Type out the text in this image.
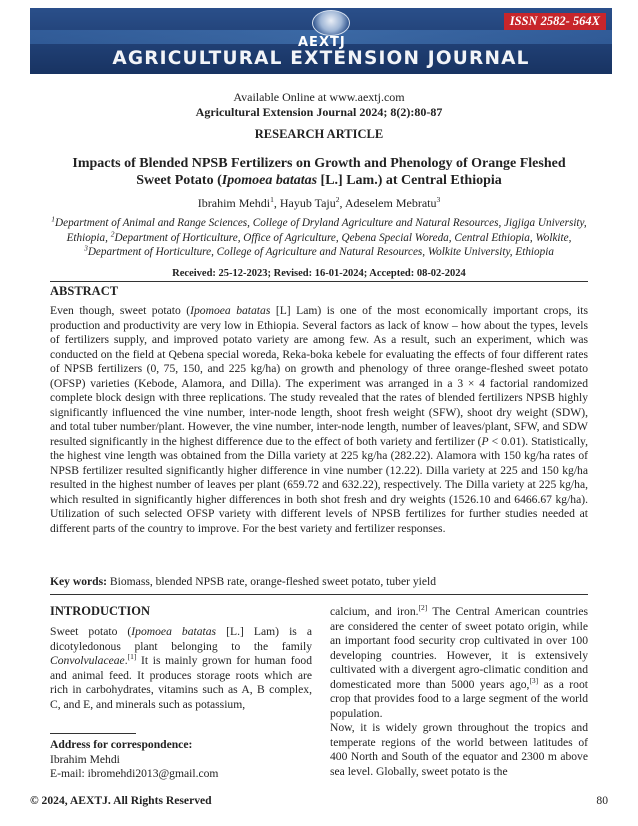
AEXTJ
AGRICULTURAL EXTENSION JOURNAL
ISSN 2582- 564X
Available Online at www.aextj.com
Agricultural Extension Journal 2024; 8(2):80-87
RESEARCH ARTICLE
Impacts of Blended NPSB Fertilizers on Growth and Phenology of Orange Fleshed
Sweet Potato (Ipomoea batatas [L.] Lam.) at Central Ethiopia
Ibrahim Mehdi$^1$, Hayub Taju$^2$, Adeselem Mebratu$^3$
$^1$Department of Animal and Range Sciences, College of Dryland Agriculture and Natural Resources, Jigjiga University, Ethiopia, $^2$Department of Horticulture, Office of Agriculture, Qebena Special Woreda, Central Ethiopia, Wolkite, $^3$Department of Horticulture, College of Agriculture and Natural Resources, Wolkite University, Ethiopia
Received: 25-12-2023; Revised: 16-01-2024; Accepted: 08-02-2024
ABSTRACT
Even though, sweet potato (Ipomoea batatas [L] Lam) is one of the most economically important crops, its production and productivity are very low in Ethiopia. Several factors as lack of know – how about the types, levels of fertilizers supply, and improved potato variety are among few. As a result, such an experiment, which was conducted on the field at Qebena special woreda, Reka-boka kebele for evaluating the effects of four different rates of NPSB fertilizers (0, 75, 150, and 225 kg/ha) on growth and phenology of three orange-fleshed sweet potato (OFSP) varieties (Kebode, Alamora, and Dilla). The experiment was arranged in a 3 × 4 factorial randomized complete block design with three replications. The study revealed that the rates of blended fertilizers NPSB highly significantly influenced the vine number, inter-node length, shoot fresh weight (SFW), shoot dry weight (SDW), and total tuber number/plant. However, the vine number, inter-node length, number of leaves/plant, SFW, and SDW resulted significantly in the highest difference due to the effect of both variety and fertilizer (P < 0.01). Statistically, the highest vine length was obtained from the Dilla variety at 225 kg/ha (282.22). Alamora with 150 kg/ha rates of NPSB fertilizer resulted significantly higher difference in vine number (12.22). Dilla variety at 225 and 150 kg/ha resulted in the highest number of leaves per plant (659.72 and 632.22), respectively. The Dilla variety at 225 kg/ha, which resulted in significantly higher differences in both shot fresh and dry weights (1526.10 and 6466.67 kg/ha). Utilization of such selected OFSP variety with different levels of NPSB fertilizes for further studies needed at different parts of the country to improve. For the best variety and fertilizer responses.
Key words: Biomass, blended NPSB rate, orange-fleshed sweet potato, tuber yield
INTRODUCTION

Sweet potato (Ipomoea batatas [L.] Lam) is a dicotyledonous plant belonging to the family Convolvulaceae.[1] It is mainly grown for human food and animal feed. It produces storage roots which are rich in carbohydrates, vitamins such as A, B complex, C, and E, and minerals such as potassium,

calcium, and iron.[2] The Central American countries are considered the center of sweet potato origin, while an important food security crop cultivated in over 100 developing countries. However, it is extensively cultivated with a divergent agro-climatic condition and domesticated more than 5000 years ago,[3] as a root crop that provides food to a large segment of the world population.

Now, it is widely grown throughout the tropics and temperate regions of the world between latitudes of 400 North and South of the equator and 2300 m above sea level. Globally, sweet potato is the

Address for correspondence:
Ibrahim Mehdi
E-mail: ibromehdi2013@gmail.com
© 2024, AEXTJ. All Rights Reserved	80
